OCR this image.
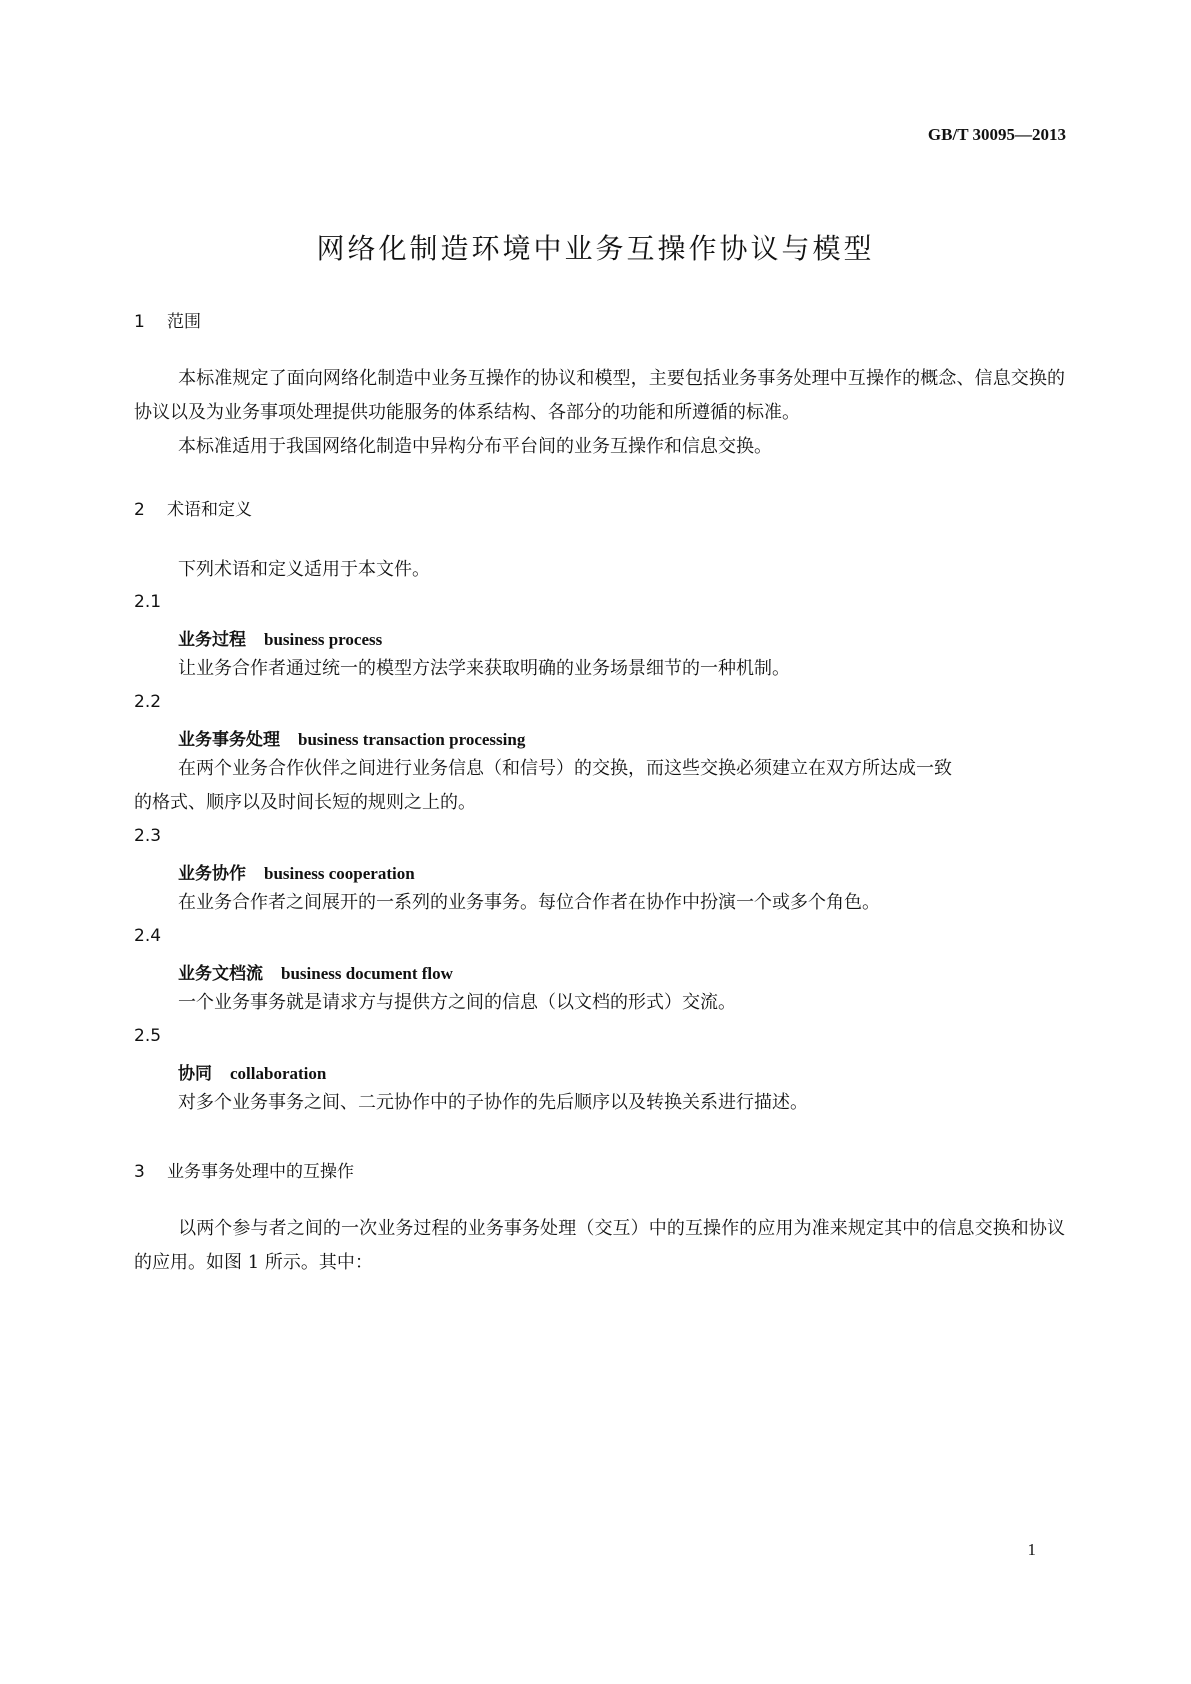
GB/T 30095—2013
网络化制造环境中业务互操作协议与模型
1 范围
本标准规定了面向网络化制造中业务互操作的协议和模型，主要包括业务事务处理中互操作的概念、信息交换的协议以及为业务事项处理提供功能服务的体系结构、各部分的功能和所遵循的标准。
本标准适用于我国网络化制造中异构分布平台间的业务互操作和信息交换。
2 术语和定义
下列术语和定义适用于本文件。
2.1
业务过程 business process
让业务合作者通过统一的模型方法学来获取明确的业务场景细节的一种机制。
2.2
业务事务处理 business transaction processing
在两个业务合作伙伴之间进行业务信息（和信号）的交换，而这些交换必须建立在双方所达成一致
的格式、顺序以及时间长短的规则之上的。
2.3
业务协作 business cooperation
在业务合作者之间展开的一系列的业务事务。每位合作者在协作中扮演一个或多个角色。
2.4
业务文档流 business document flow
一个业务事务就是请求方与提供方之间的信息（以文档的形式）交流。
2.5
协同 collaboration
对多个业务事务之间、二元协作中的子协作的先后顺序以及转换关系进行描述。
3 业务事务处理中的互操作
以两个参与者之间的一次业务过程的业务事务处理（交互）中的互操作的应用为准来规定其中的信息交换和协议的应用。如图 1 所示。其中：
1
